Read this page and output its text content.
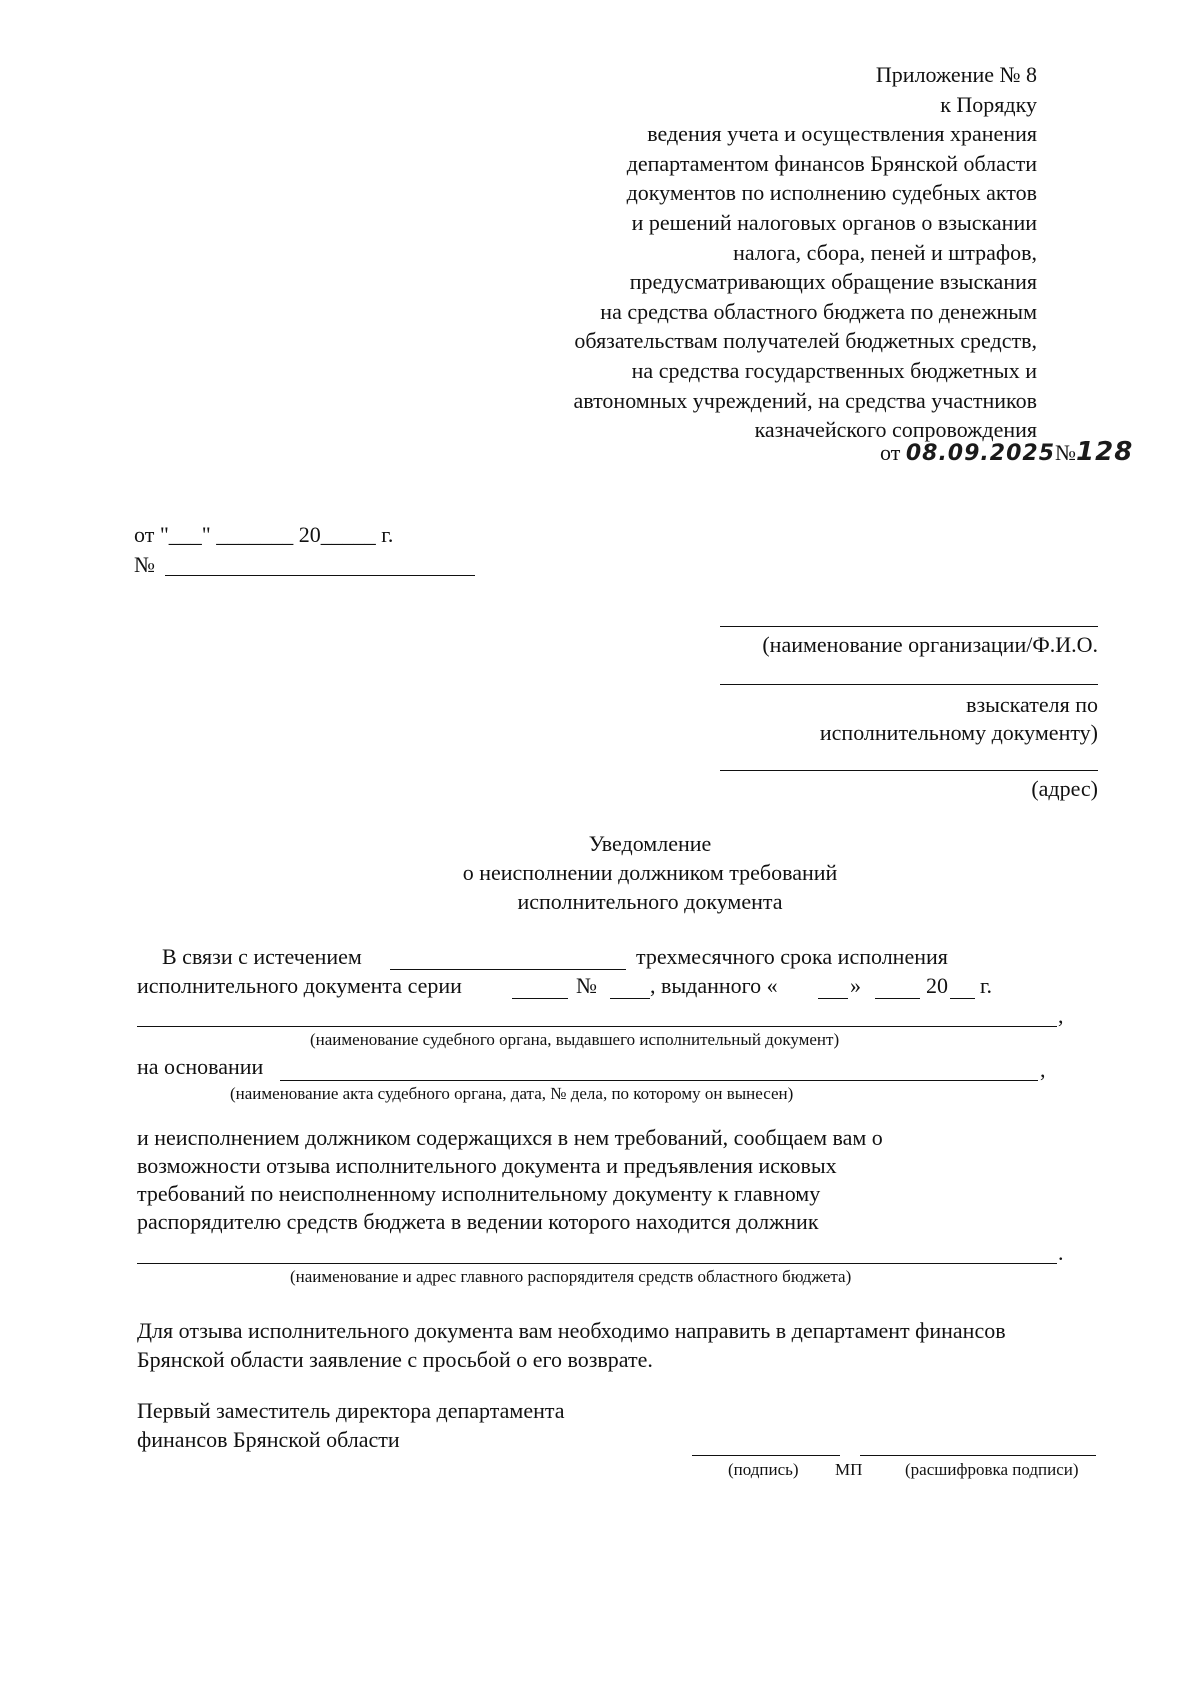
Приложение № 8
к Порядку
ведения учета и осуществления хранения
департаментом финансов Брянской области
документов по исполнению судебных актов
и решений налоговых органов о взыскании
налога, сбора, пеней и штрафов,
предусматривающих обращение взыскания
на средства областного бюджета по денежным
обязательствам получателей бюджетных средств,
на средства государственных бюджетных и
автономных учреждений, на средства участников
казначейского сопровождения
от 08.09.2025№128
от "___" _______ 20_____ г.
№
(наименование организации/Ф.И.О.
взыскателя по
исполнительному документу)
(адрес)
Уведомление
о неисполнении должником требований
исполнительного документа
В связи с истечением	трехмесячного срока исполнения
исполнительного документа серии	№ , выданного «	»	20 г.
,
(наименование судебного органа, выдавшего исполнительный документ)
на основании	,
(наименование акта судебного органа, дата, № дела, по которому он вынесен)
и неисполнением должником содержащихся в нем требований, сообщаем вам о
возможности отзыва исполнительного документа и предъявления исковых
требований по неисполненному исполнительному документу к главному
распорядителю средств бюджета в ведении которого находится должник
.
(наименование и адрес главного распорядителя средств областного бюджета)
Для отзыва исполнительного документа вам необходимо направить в департамент финансов
Брянской области заявление с просьбой о его возврате.
Первый заместитель директора департамента
финансов Брянской области
(подпись) МП	(расшифровка подписи)
